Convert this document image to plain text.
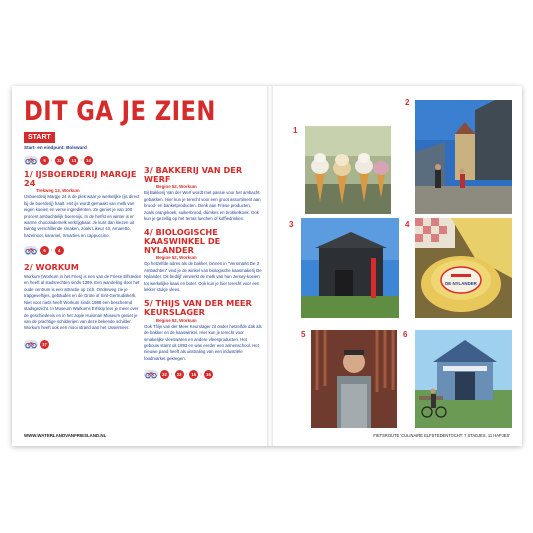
DIT GA JE ZIEN
START
Start- en eindpunt: Bolsward
5	·	11 · 13 · 14
1/ IJSBOERDERIJ MARGJE 24
Trekweg 13, Workum
IJsboerderij Margje 24 is de plek waar je werkelijke (ijs direct bij de boerderij) haalt. Het ijs wordt gemaakt van melk van eigen koeien en verse ingrediënten. Ze geniet je van 100 procent ambachtelijk boerenijs. In de herfst en winter is er warme chocolademelk verkrijgbaar. Je kunt dan kiezen uit twintig verschillende smaken, zoals Likeur 43, Amaretto, hazelnoot, karamel, Smarties en cappuccino.
6	·	4
2/ WORKUM
Workum (Workum in het Fries) is een van de Friese Elfsteden en heeft al stadsrechten sinds 1399. Een wandeling door het oude centrum is een attractie op zich. Onderweg zie je trapgevelhjes, gebäudes en de Grote of Sint-Gertrudiskerk. Niet voor niets heeft Workum sinds 1988 een beschermd stadsgezicht. In Museum Warkums Erfskip leer je meer over de geschiedenis en in het Jopie Huisman Museum geniet je van de prachtige schilderijen van deze bekende schilder. Workum heeft ook een mooi strand aan het IJsselmeer.
17
3/ BAKKERIJ VAN DER WERF
Begine 52, Workum
Bij Bakkerij Van der Werf wordt met passie voor het ambacht gebakken. Hier kun je terecht voor een groot assortiment aan brood- en banketproducten. Denk aan Friese producten, zoals oranjekoek, suikerbrood, dúmkes en brokkelkoek. Ook kun je gezellig op het terras lunchen of koffiedrinken.
4/ BIOLOGISCHE KAASWINKEL DE NYLANDER
Begine 52, Workum
Op hetzelfde adres als de bakker, binnen in "Versmarkt De 3 Ambachten" vind je de winkel van biologische kaasmakerij De Nylander. Dit bedrijf verwerkt de melk van hun Jersey-koeien tot werkelijke kaas en boter. Ook kun je hier terecht voor een lekker stukje vlees.
5/ THIJS VAN DER MEER KEURSLAGER
Begine 52, Workum
Ook Thijs van der Meer Keurslager zit onder hetzelfde dak als de bakker en de kaaswinkel. Hier kun je terecht voor smakelijke vleeswaren en andere vleesproducten. Het gebouw stamt uit 1893 en was eerder een armenschool. Het nieuwe pand heeft als uitstraling van een industriële foodmarket gekregen.
22 · 23 · 15 · 16
WWW.WATERLANDVANFRIESLAND.NL
1
2
3	4
DE NYLANDER
5	6
FIETSROUTE 'CULINAIRE ELFSTEDENTOCHT: 7 STADJES, 11 HAPJES'
